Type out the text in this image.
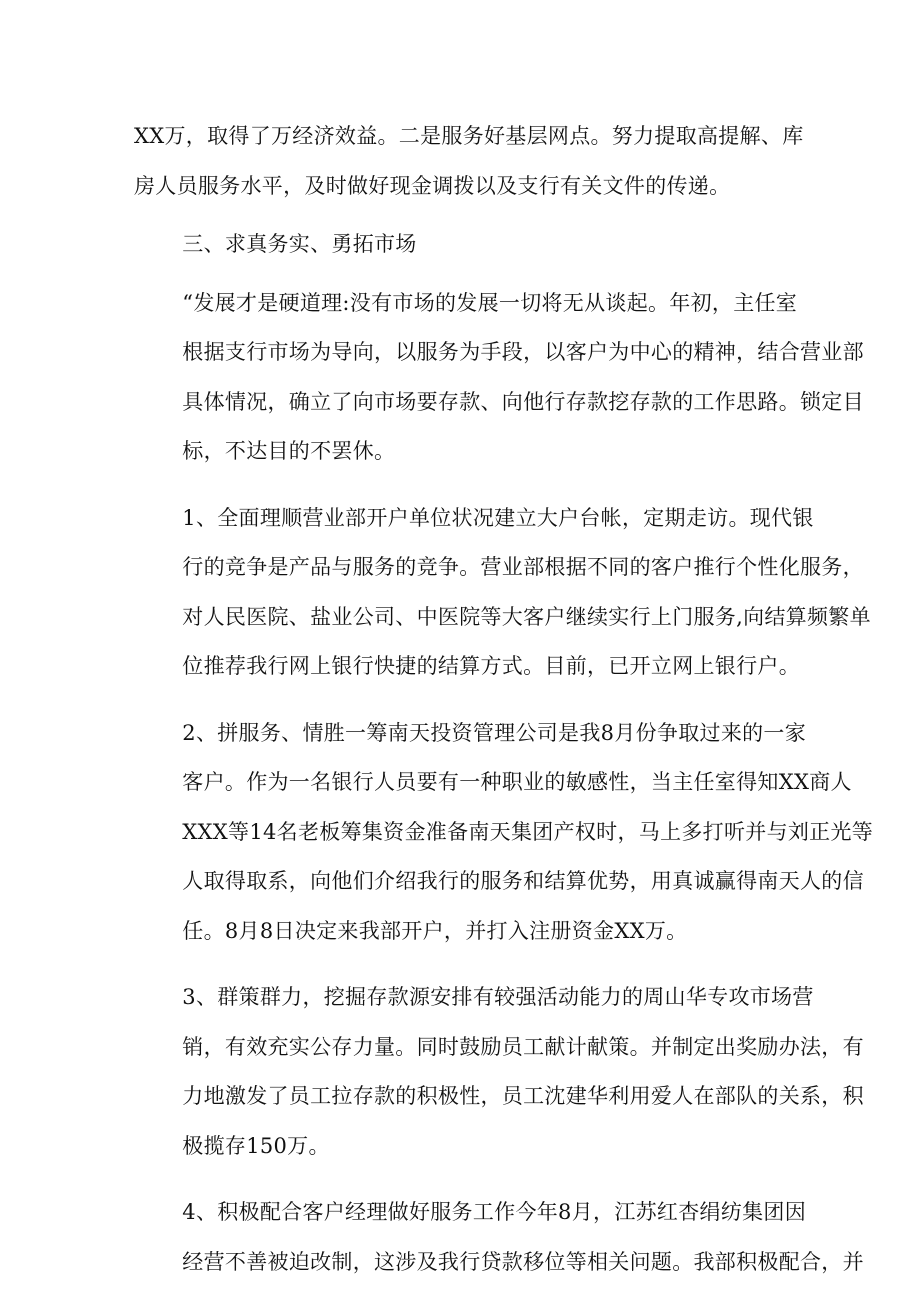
XX万，取得了万经济效益。二是服务好基层网点。努力提取高提解、库
房人员服务水平，及时做好现金调拨以及支行有关文件的传递。

三、求真务实、勇拓市场

“发展才是硬道理:没有市场的发展一切将无从谈起。年初，主任室
根据支行市场为导向，以服务为手段，以客户为中心的精神，结合营业部
具体情况，确立了向市场要存款、向他行存款挖存款的工作思路。锁定目
标，不达目的不罢休。

1、全面理顺营业部开户单位状况建立大户台帐，定期走访。现代银
行的竞争是产品与服务的竞争。营业部根据不同的客户推行个性化服务，
对人民医院、盐业公司、中医院等大客户继续实行上门服务,向结算频繁单
位推荐我行网上银行快捷的结算方式。目前，已开立网上银行户。

2、拼服务、情胜一筹南天投资管理公司是我8月份争取过来的一家
客户。作为一名银行人员要有一种职业的敏感性，当主任室得知XX商人
XXX等14名老板筹集资金准备南天集团产权时，马上多打听并与刘正光等
人取得取系，向他们介绍我行的服务和结算优势，用真诚赢得南天人的信
任。8月8日决定来我部开户，并打入注册资金XX万。

3、群策群力，挖掘存款源安排有较强活动能力的周山华专攻市场营
销，有效充实公存力量。同时鼓励员工献计献策。并制定出奖励办法，有
力地激发了员工拉存款的积极性，员工沈建华利用爱人在部队的关系，积
极揽存150万。

4、积极配合客户经理做好服务工作今年8月，江苏红杏绢纺集团因
经营不善被迫改制，这涉及我行贷款移位等相关问题。我部积极配合，并
